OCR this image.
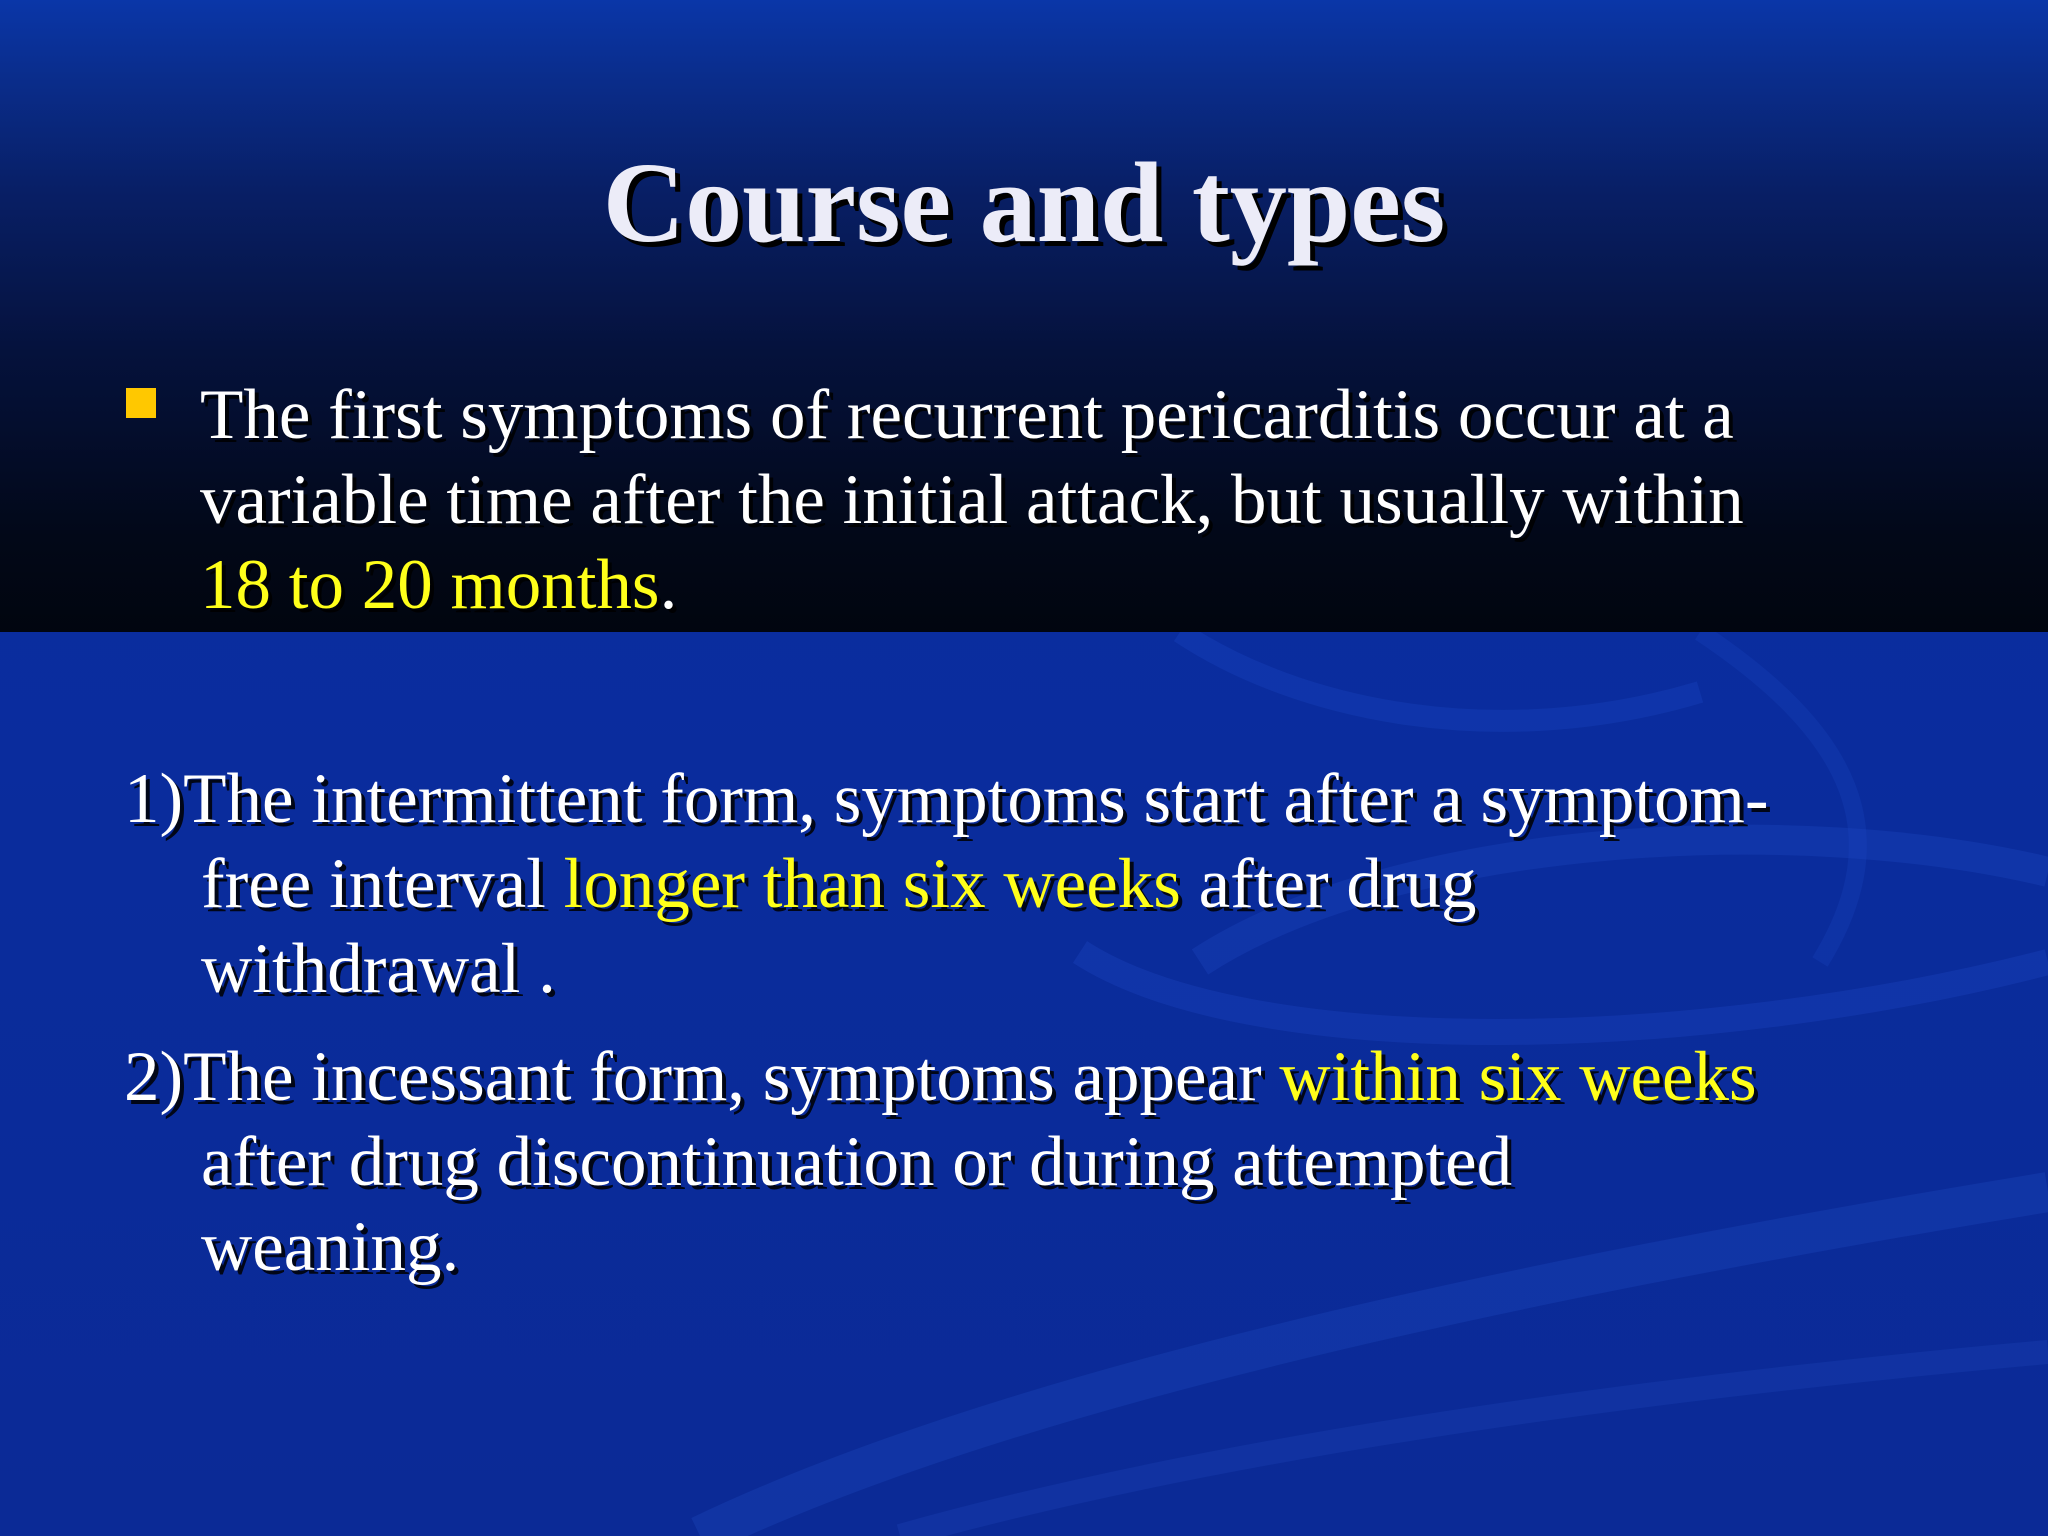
Course and types
The first symptoms of recurrent pericarditis occur at a
variable time after the initial attack, but usually within
18 to 20 months.
1)The intermittent form, symptoms start after a symptom-
free interval longer than six weeks after drug
withdrawal .
2)The incessant form, symptoms appear within six weeks
after drug discontinuation or during attempted
weaning.
